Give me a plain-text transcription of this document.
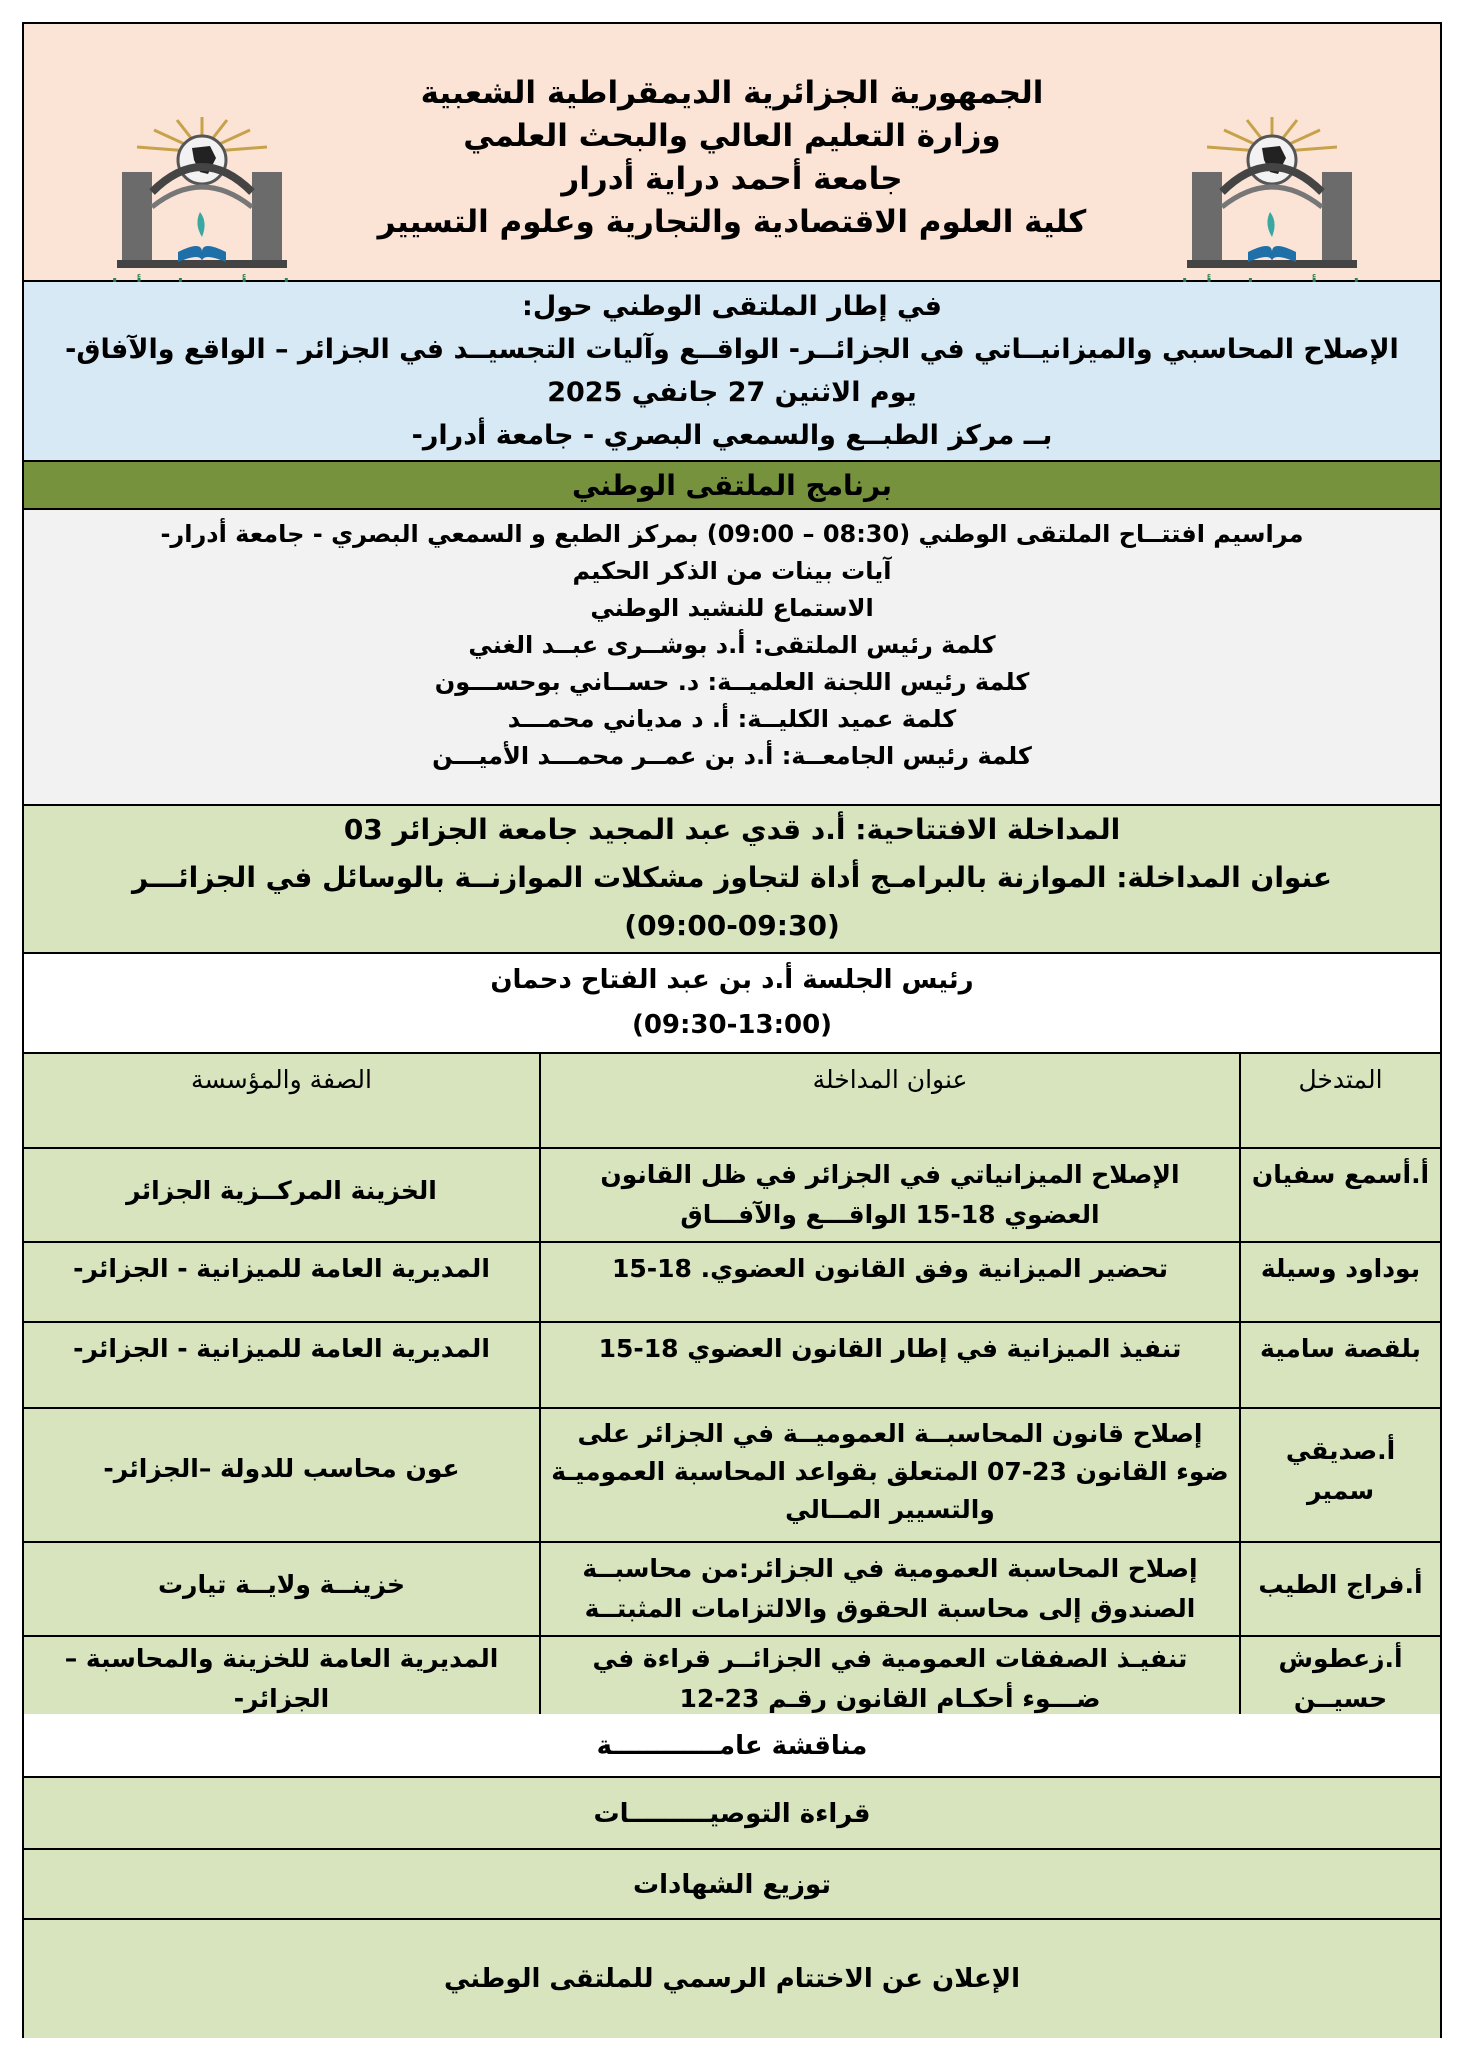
الجمهورية الجزائرية الديمقراطية الشعبية
وزارة التعليم العالي والبحث العلمي
جامعة أحمد دراية أدرار
كلية العلوم الاقتصادية والتجارية وعلوم التسيير
في إطار الملتقى الوطني حول:
الإصلاح المحاسبي والميزانيــاتي في الجزائــر- الواقــع وآليات التجسيــد في الجزائر – الواقع والآفاق-
يوم الاثنين 27 جانفي 2025
بــ مركز الطبــع والسمعي البصري - جامعة أدرار-
برنامج الملتقى الوطني
مراسيم افتتــاح الملتقى الوطني (08:30 – 09:00) بمركز الطبع و السمعي البصري - جامعة أدرار-
آيات بينات من الذكر الحكيم
الاستماع للنشيد الوطني
كلمة رئيس الملتقى: أ.د بوشــرى عبــد الغني
كلمة رئيس اللجنة العلميــة: د. حســاني بوحســـون
كلمة عميد الكليــة: أ. د مدياني محمـــد
كلمة رئيس الجامعــة: أ.د بن عمــر محمـــد الأميـــن
المداخلة الافتتاحية: أ.د قدي عبد المجيد جامعة الجزائر 03
عنوان المداخلة: الموازنة بالبرامـج أداة لتجاوز مشكلات الموازنــة بالوسائل في الجزائـــر
(09:00-09:30)
رئيس الجلسة أ.د بن عبد الفتاح دحمان
(09:30-13:00)
المتدخل	عنوان المداخلة	الصفة والمؤسسة
أ.أسمع سفيان	الإصلاح الميزانياتي في الجزائر في ظل القانون العضوي 18-15 الواقـــع والآفـــاق	الخزينة المركــزية الجزائر
بوداود وسيلة	تحضير الميزانية وفق القانون العضوي. 18-15	المديرية العامة للميزانية - الجزائر-
بلقصة سامية	تنفيذ الميزانية في إطار القانون العضوي 18-15	المديرية العامة للميزانية - الجزائر-
أ.صديقي سمير	إصلاح قانون المحاسبــة العموميــة في الجزائر على ضوء القانون 23-07 المتعلق بقواعد المحاسبة العموميـة والتسيير المــالي	عون محاسب للدولة –الجزائر-
أ.فراج الطيب	إصلاح المحاسبة العمومية في الجزائر:من محاسبــة الصندوق إلى محاسبة الحقوق والالتزامات المثبتــة	خزينــة ولايــة تيارت
أ.زعطوش حسيــن	تنفيـذ الصفقات العمومية في الجزائــر قراءة في ضـــوء أحكـام القانون رقـم 23-12	المديرية العامة للخزينة والمحاسبة – الجزائر-
مناقشة عامــــــــــــة
قراءة التوصيـــــــــات
توزيع الشهادات
الإعلان عن الاختتام الرسمي للملتقى الوطني
